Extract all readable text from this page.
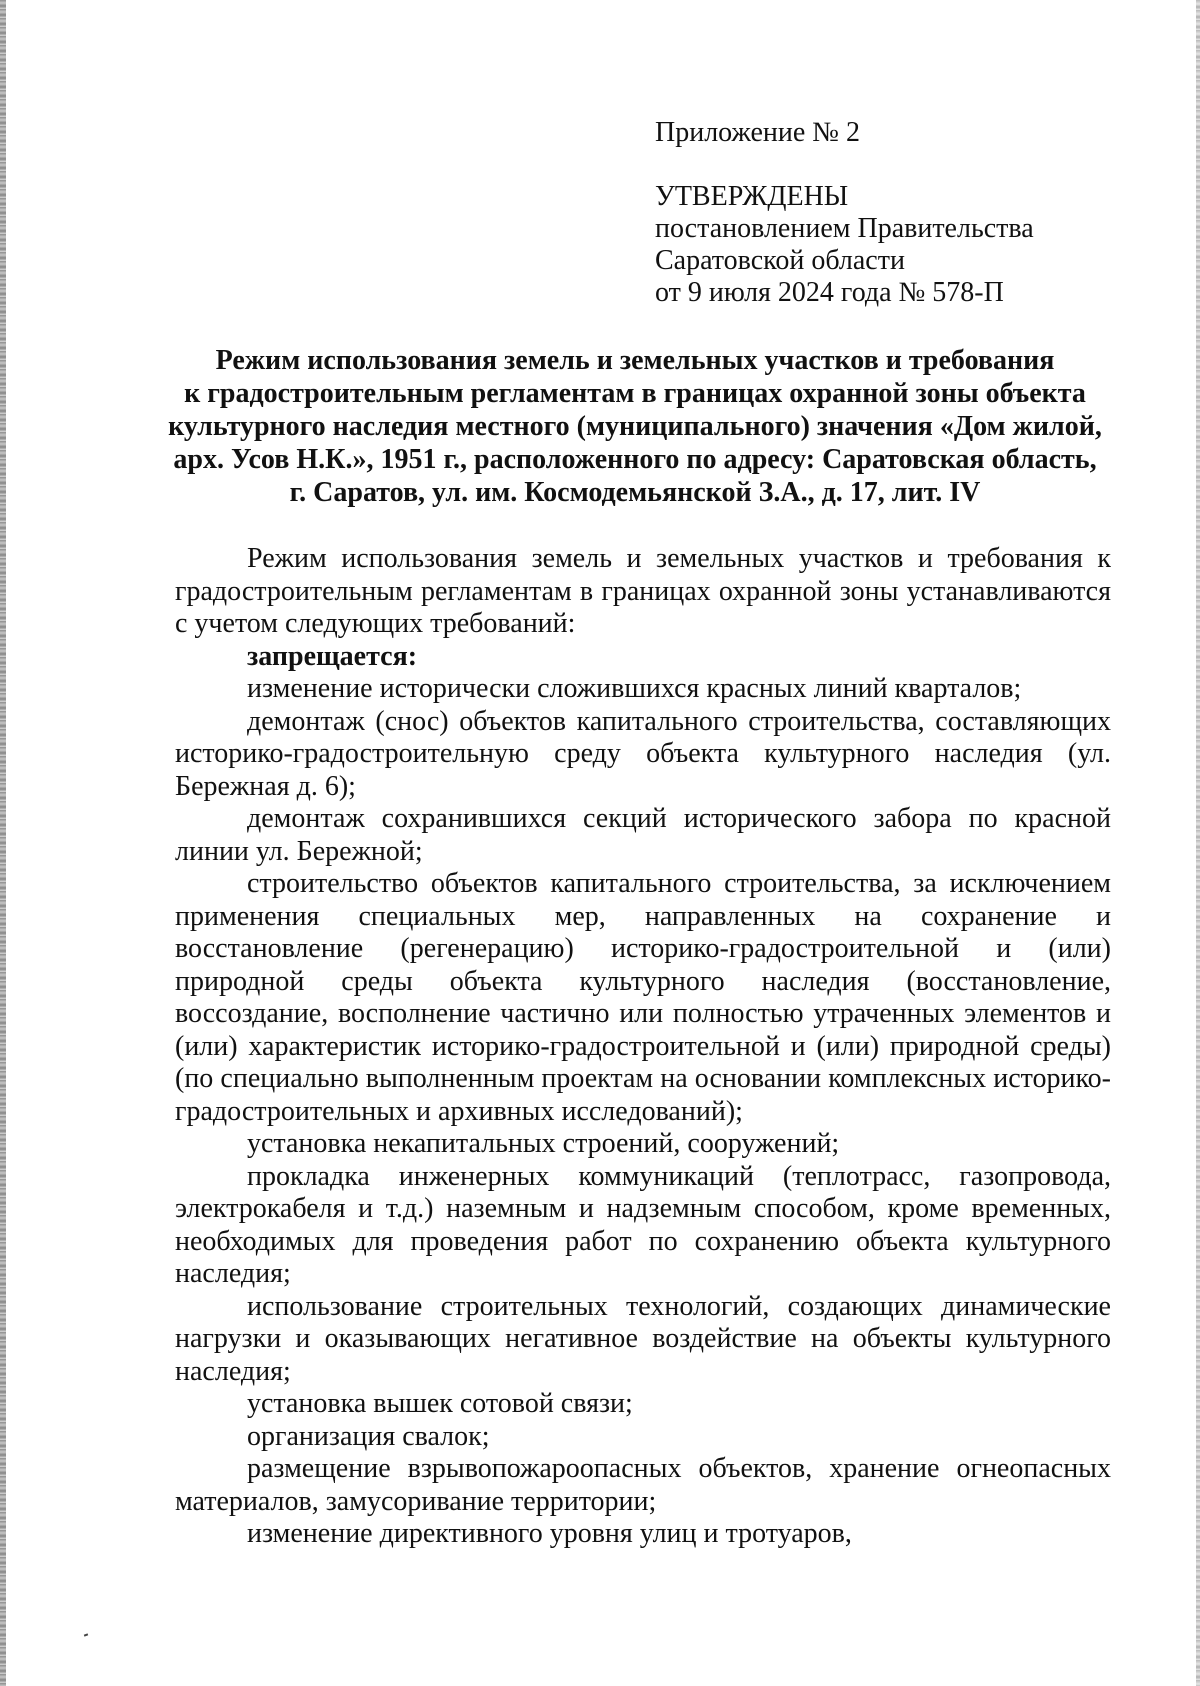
Приложение № 2

УТВЕРЖДЕНЫ
постановлением Правительства
Саратовской области
от 9 июля 2024 года № 578-П
Режим использования земель и земельных участков и требования
к градостроительным регламентам в границах охранной зоны объекта
культурного наследия местного (муниципального) значения «Дом жилой,
арх. Усов Н.К.», 1951 г., расположенного по адресу: Саратовская область,
г. Саратов, ул. им. Космодемьянской З.А., д. 17, лит. IV

Режим использования земель и земельных участков и требования к градостроительным регламентам в границах охранной зоны устанавливаются с учетом следующих требований:

запрещается:

изменение исторически сложившихся красных линий кварталов;

демонтаж (снос) объектов капитального строительства, составляющих историко-градостроительную среду объекта культурного наследия (ул. Бережная д. 6);

демонтаж сохранившихся секций исторического забора по красной линии ул. Бережной;

строительство объектов капитального строительства, за исключением применения специальных мер, направленных на сохранение и восстановление (регенерацию) историко-градостроительной и (или) природной среды объекта культурного наследия (восстановление, воссоздание, восполнение частично или полностью утраченных элементов и (или) характеристик историко-градостроительной и (или) природной среды) (по специально выполненным проектам на основании комплексных историко-градостроительных и архивных исследований);

установка некапитальных строений, сооружений;

прокладка инженерных коммуникаций (теплотрасс, газопровода, электрокабеля и т.д.) наземным и надземным способом, кроме временных, необходимых для проведения работ по сохранению объекта культурного наследия;

использование строительных технологий, создающих динамические нагрузки и оказывающих негативное воздействие на объекты культурного наследия;

установка вышек сотовой связи;

организация свалок;

размещение взрывопожароопасных объектов, хранение огнеопасных материалов, замусоривание территории;

изменение директивного уровня улиц и тротуаров,
